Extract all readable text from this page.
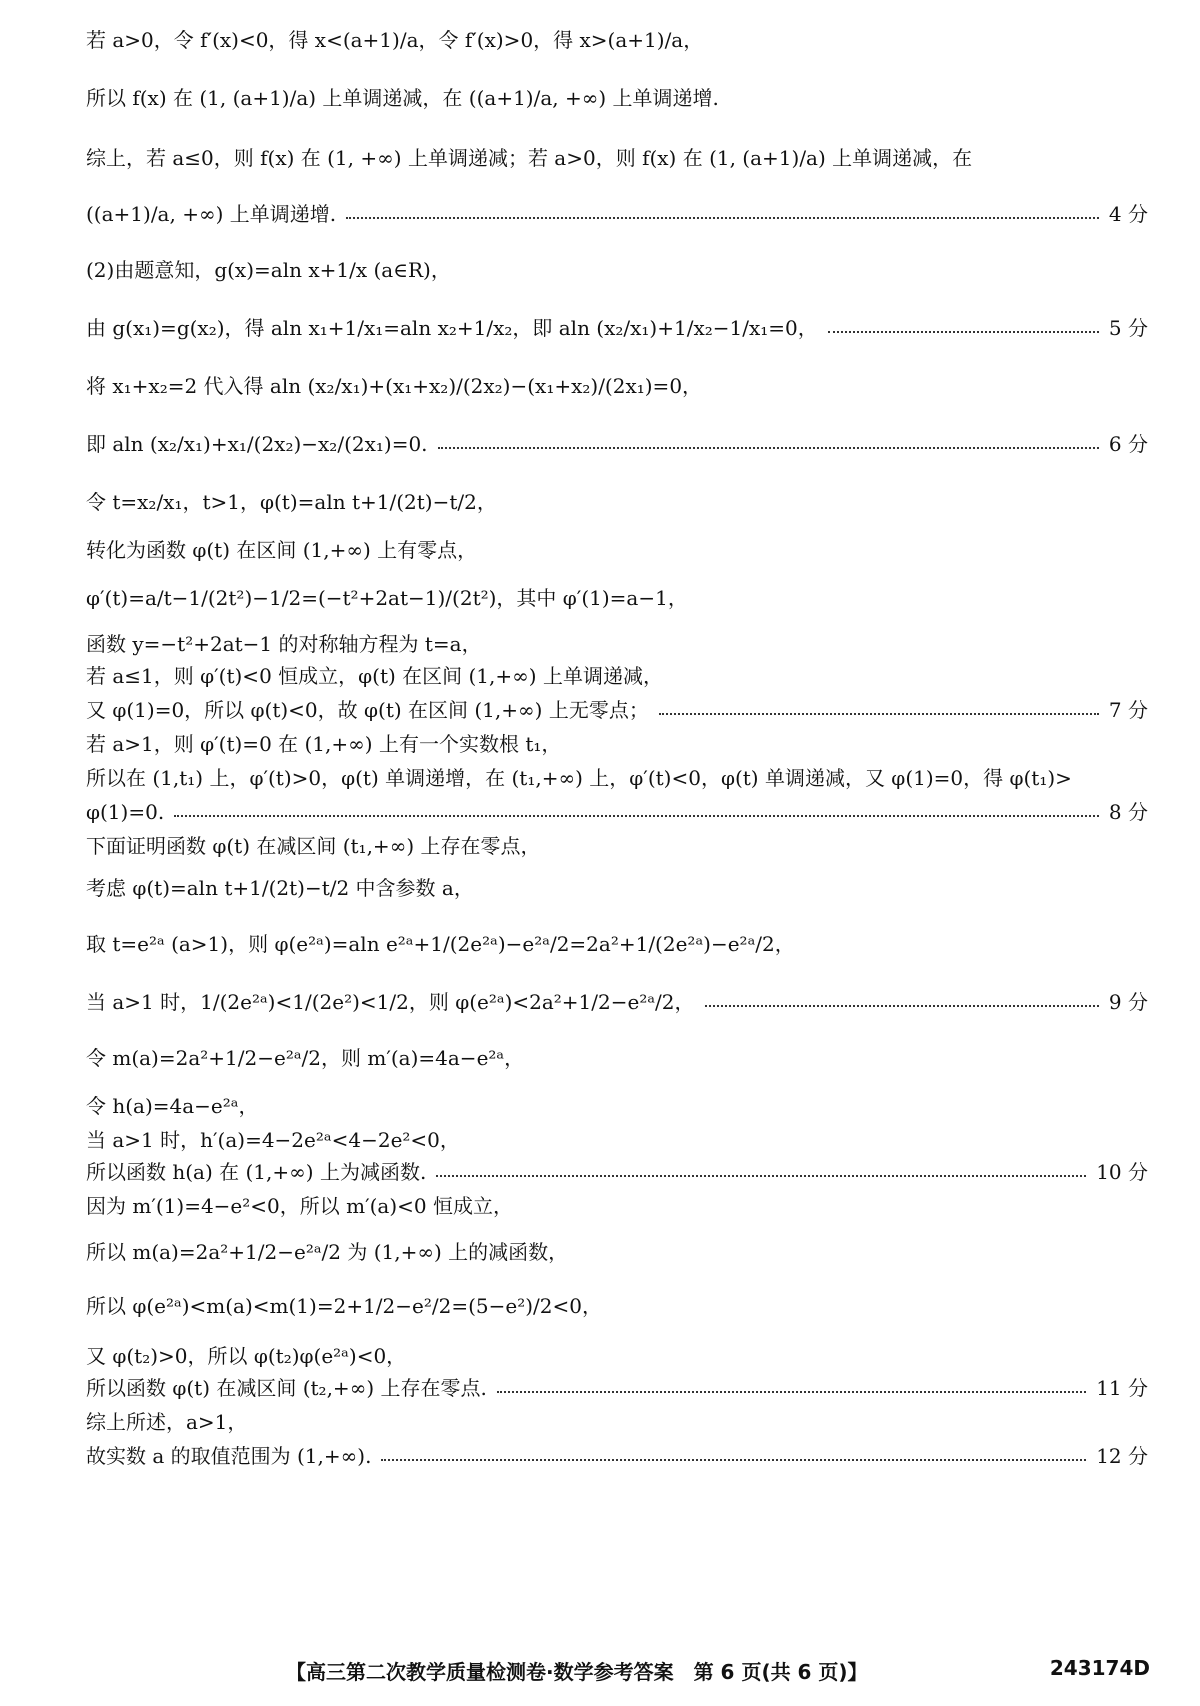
若 a>0，令 f′(x)<0，得 x<(a+1)/a，令 f′(x)>0，得 x>(a+1)/a，
所以 f(x) 在 (1, (a+1)/a) 上单调递减，在 ((a+1)/a, +∞) 上单调递增.
综上，若 a≤0，则 f(x) 在 (1, +∞) 上单调递减；若 a>0，则 f(x) 在 (1, (a+1)/a) 上单调递减，在
((a+1)/a, +∞) 上单调递增.	4 分
(2)由题意知，g(x)=aln x+1/x (a∈R)，
由 g(x₁)=g(x₂)，得 aln x₁+1/x₁=aln x₂+1/x₂，即 aln (x₂/x₁)+1/x₂−1/x₁=0，	5 分
将 x₁+x₂=2 代入得 aln (x₂/x₁)+(x₁+x₂)/(2x₂)−(x₁+x₂)/(2x₁)=0，
即 aln (x₂/x₁)+x₁/(2x₂)−x₂/(2x₁)=0.	6 分
令 t=x₂/x₁，t>1，φ(t)=aln t+1/(2t)−t/2，
转化为函数 φ(t) 在区间 (1,+∞) 上有零点，
φ′(t)=a/t−1/(2t²)−1/2=(−t²+2at−1)/(2t²)，其中 φ′(1)=a−1，
函数 y=−t²+2at−1 的对称轴方程为 t=a，
若 a≤1，则 φ′(t)<0 恒成立，φ(t) 在区间 (1,+∞) 上单调递减，
又 φ(1)=0，所以 φ(t)<0，故 φ(t) 在区间 (1,+∞) 上无零点；	7 分
若 a>1，则 φ′(t)=0 在 (1,+∞) 上有一个实数根 t₁，
所以在 (1,t₁) 上，φ′(t)>0，φ(t) 单调递增，在 (t₁,+∞) 上，φ′(t)<0，φ(t) 单调递减，又 φ(1)=0，得 φ(t₁)>
φ(1)=0.	8 分
下面证明函数 φ(t) 在减区间 (t₁,+∞) 上存在零点，
考虑 φ(t)=aln t+1/(2t)−t/2 中含参数 a，
取 t=e²ᵃ (a>1)，则 φ(e²ᵃ)=aln e²ᵃ+1/(2e²ᵃ)−e²ᵃ/2=2a²+1/(2e²ᵃ)−e²ᵃ/2，
当 a>1 时，1/(2e²ᵃ)<1/(2e²)<1/2，则 φ(e²ᵃ)<2a²+1/2−e²ᵃ/2，	9 分
令 m(a)=2a²+1/2−e²ᵃ/2，则 m′(a)=4a−e²ᵃ，
令 h(a)=4a−e²ᵃ，
当 a>1 时，h′(a)=4−2e²ᵃ<4−2e²<0，
所以函数 h(a) 在 (1,+∞) 上为减函数.	10 分
因为 m′(1)=4−e²<0，所以 m′(a)<0 恒成立，
所以 m(a)=2a²+1/2−e²ᵃ/2 为 (1,+∞) 上的减函数，
所以 φ(e²ᵃ)<m(a)<m(1)=2+1/2−e²/2=(5−e²)/2<0，
又 φ(t₂)>0，所以 φ(t₂)φ(e²ᵃ)<0，
所以函数 φ(t) 在减区间 (t₂,+∞) 上存在零点.	11 分
综上所述，a>1，
故实数 a 的取值范围为 (1,+∞).	12 分
【高三第二次教学质量检测卷·数学参考答案　第 6 页(共 6 页)】	243174D
